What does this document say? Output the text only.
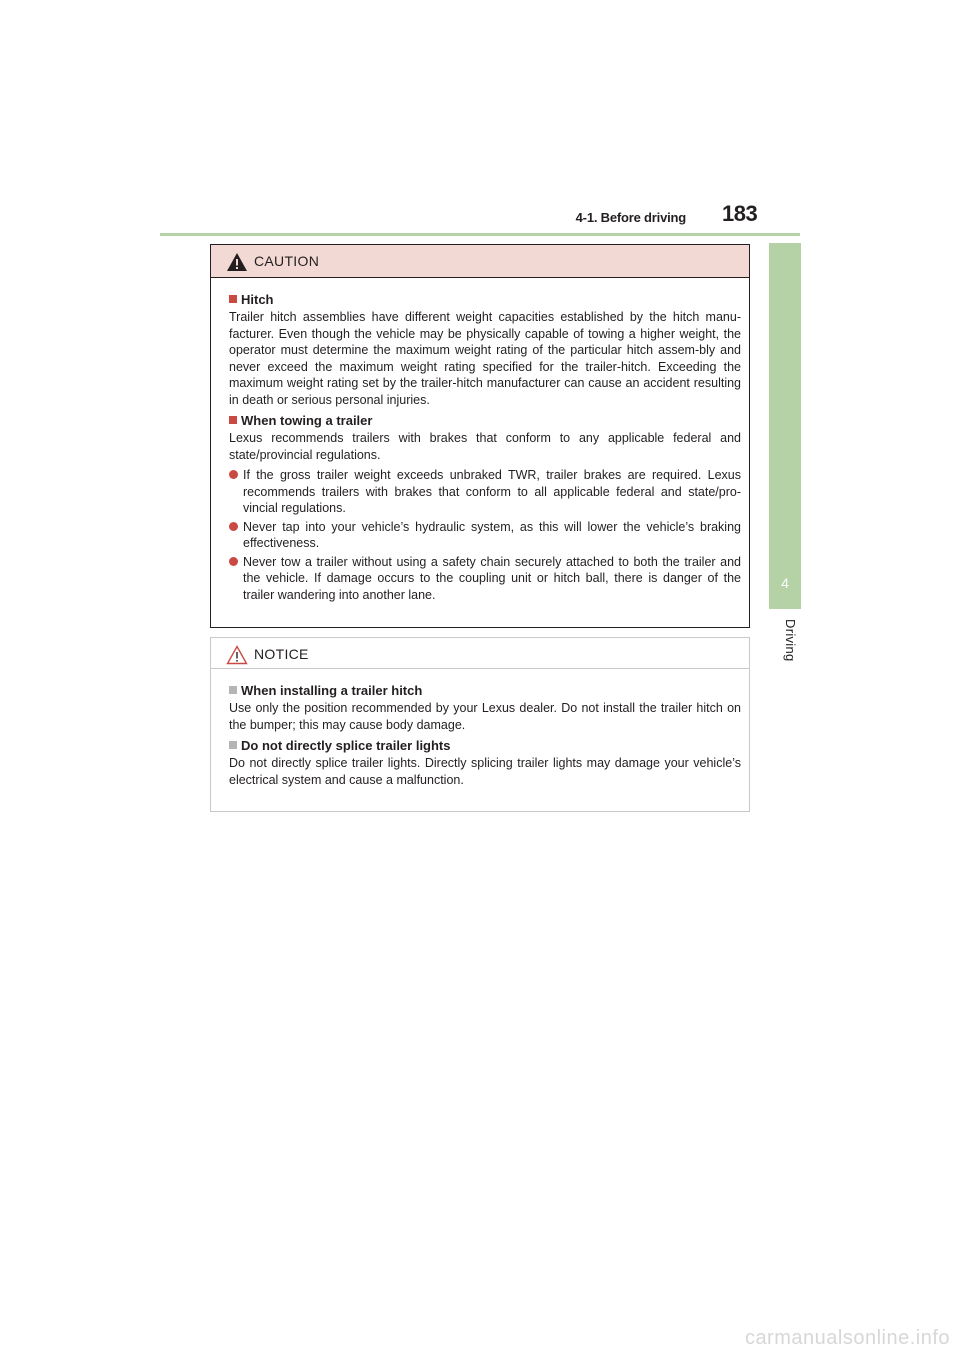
4-1. Before driving 183
4
Driving
CAUTION
Hitch
Trailer hitch assemblies have different weight capacities established by the hitch manu-facturer. Even though the vehicle may be physically capable of towing a higher weight, the operator must determine the maximum weight rating of the particular hitch assem-bly and never exceed the maximum weight rating specified for the trailer-hitch. Exceeding the maximum weight rating set by the trailer-hitch manufacturer can cause an accident resulting in death or serious personal injuries.
When towing a trailer
Lexus recommends trailers with brakes that conform to any applicable federal and state/provincial regulations.
If the gross trailer weight exceeds unbraked TWR, trailer brakes are required. Lexus recommends trailers with brakes that conform to all applicable federal and state/pro-vincial regulations.
Never tap into your vehicle’s hydraulic system, as this will lower the vehicle’s braking effectiveness.
Never tow a trailer without using a safety chain securely attached to both the trailer and the vehicle. If damage occurs to the coupling unit or hitch ball, there is danger of the trailer wandering into another lane.
NOTICE
When installing a trailer hitch
Use only the position recommended by your Lexus dealer. Do not install the trailer hitch on the bumper; this may cause body damage.
Do not directly splice trailer lights
Do not directly splice trailer lights. Directly splicing trailer lights may damage your vehicle’s electrical system and cause a malfunction.
carmanualsonline.info
